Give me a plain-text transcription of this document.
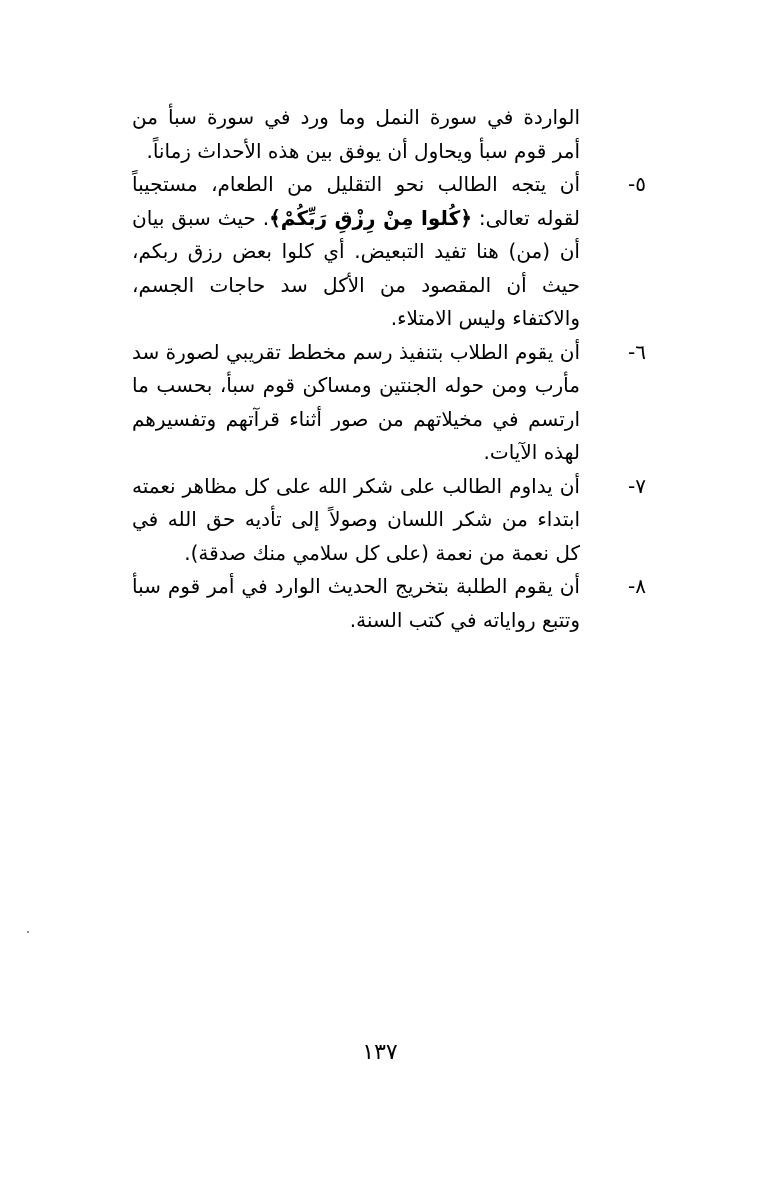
الواردة في سورة النمل وما ورد في سورة سبأ من أمر قوم سبأ ويحاول أن يوفق بين هذه الأحداث زماناً.

٥-
أن يتجه الطالب نحو التقليل من الطعام، مستجيباً لقوله تعالى: ﴿كُلوا مِنْ رِزْقِ رَبِّكُمْ﴾. حيث سبق بيان أن (من) هنا تفيد التبعيض. أي كلوا بعض رزق ربكم، حيث أن المقصود من الأكل سد حاجات الجسم، والاكتفاء وليس الامتلاء.
٦-
أن يقوم الطلاب بتنفيذ رسم مخطط تقريبي لصورة سد مأرب ومن حوله الجنتين ومساكن قوم سبأ، بحسب ما ارتسم في مخيلاتهم من صور أثناء قرآتهم وتفسيرهم لهذه الآيات.
٧-
أن يداوم الطالب على شكر الله على كل مظاهر نعمته ابتداء من شكر اللسان وصولاً إلى تأديه حق الله في كل نعمة من نعمة (على كل سلامي منك صدقة).
٨-
أن يقوم الطلبة بتخريج الحديث الوارد في أمر قوم سبأ وتتبع رواياته في كتب السنة.
١٣٧
